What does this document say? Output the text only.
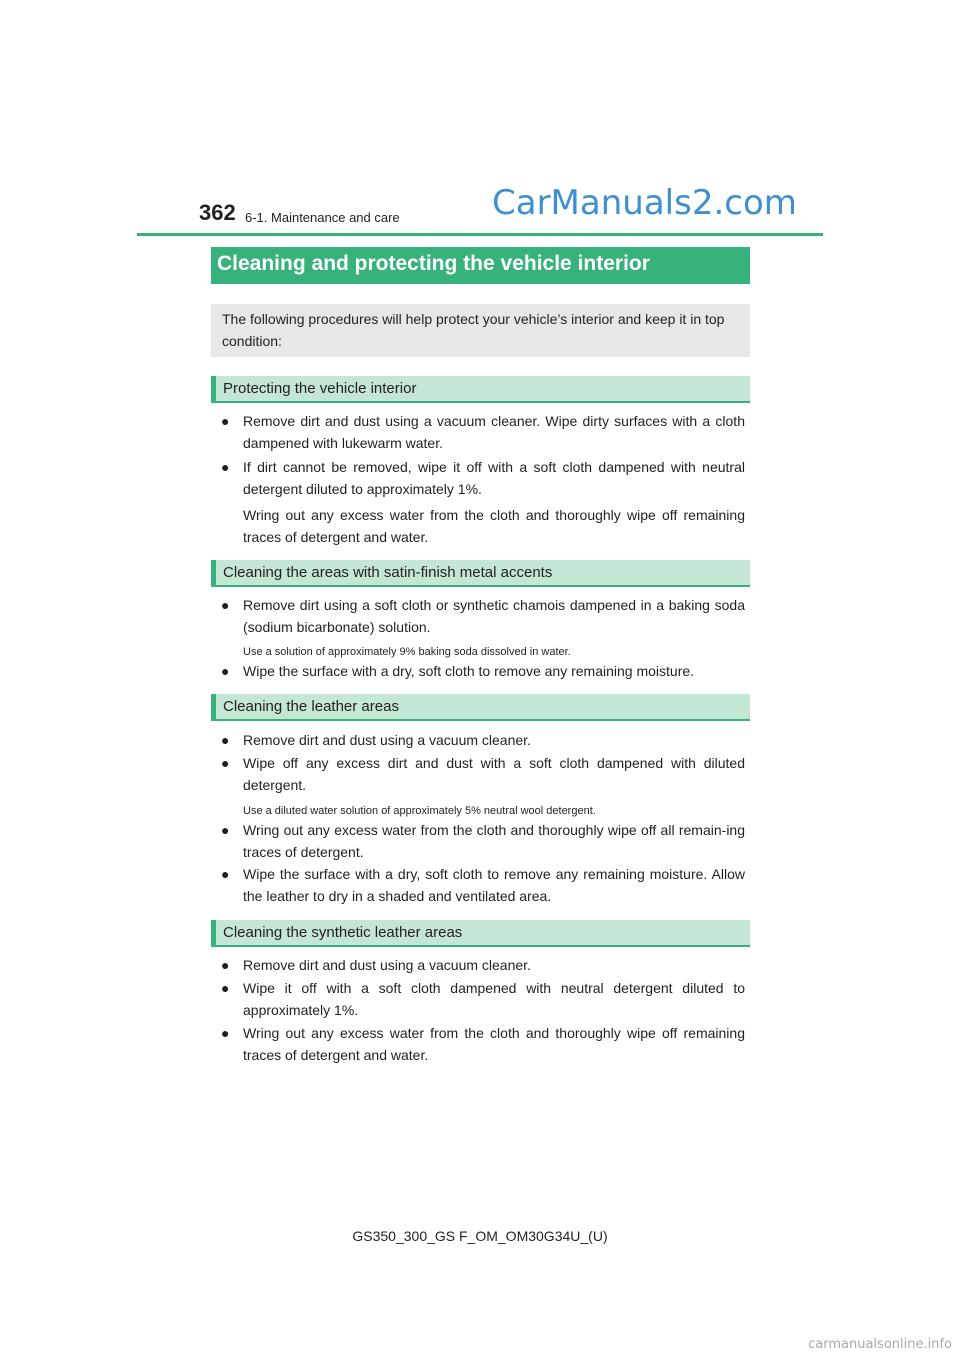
362 6-1. Maintenance and care	CarManuals2.com
Cleaning and protecting the vehicle interior
The following procedures will help protect your vehicle’s interior and keep it in top condition:
Protecting the vehicle interior
● Remove dirt and dust using a vacuum cleaner. Wipe dirty surfaces with a cloth dampened with lukewarm water.
● If dirt cannot be removed, wipe it off with a soft cloth dampened with neutral detergent diluted to approximately 1%.
Wring out any excess water from the cloth and thoroughly wipe off remaining traces of detergent and water.
Cleaning the areas with satin-finish metal accents
● Remove dirt using a soft cloth or synthetic chamois dampened in a baking soda (sodium bicarbonate) solution.
Use a solution of approximately 9% baking soda dissolved in water.
● Wipe the surface with a dry, soft cloth to remove any remaining moisture.
Cleaning the leather areas
● Remove dirt and dust using a vacuum cleaner.
● Wipe off any excess dirt and dust with a soft cloth dampened with diluted detergent.
Use a diluted water solution of approximately 5% neutral wool detergent.
● Wring out any excess water from the cloth and thoroughly wipe off all remain-ing traces of detergent.
● Wipe the surface with a dry, soft cloth to remove any remaining moisture. Allow the leather to dry in a shaded and ventilated area.
Cleaning the synthetic leather areas
● Remove dirt and dust using a vacuum cleaner.
● Wipe it off with a soft cloth dampened with neutral detergent diluted to approximately 1%.
● Wring out any excess water from the cloth and thoroughly wipe off remaining traces of detergent and water.
GS350_300_GS F_OM_OM30G34U_(U)
carmanualsonline.info
